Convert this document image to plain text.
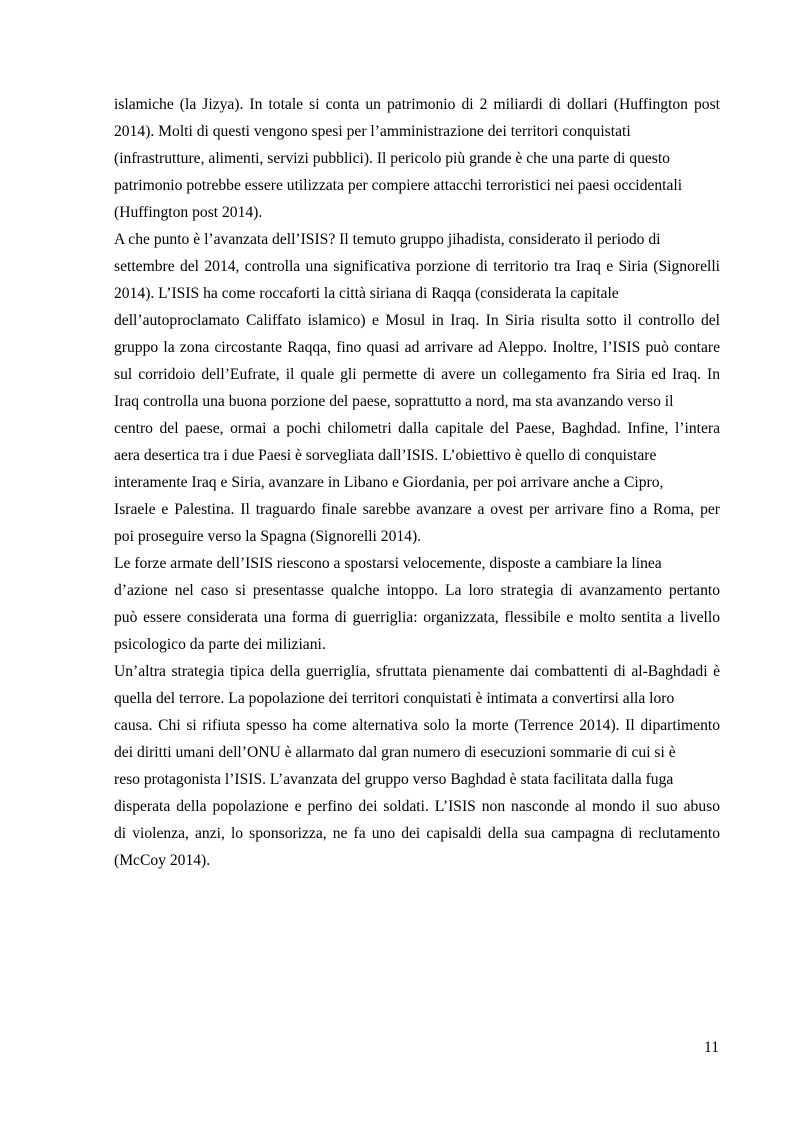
islamiche (la Jizya). In totale si conta un patrimonio di 2 miliardi di dollari (Huffington post
2014). Molti di questi vengono spesi per l’amministrazione dei territori conquistati
(infrastrutture, alimenti, servizi pubblici). Il pericolo più grande è che una parte di questo
patrimonio potrebbe essere utilizzata per compiere attacchi terroristici nei paesi occidentali
(Huffington post 2014).
A che punto è l’avanzata dell’ISIS? Il temuto gruppo jihadista, considerato il periodo di
settembre del 2014, controlla una significativa porzione di territorio tra Iraq e Siria (Signorelli
2014). L’ISIS ha come roccaforti la città siriana di Raqqa (considerata la capitale
dell’autoproclamato Califfato islamico) e Mosul in Iraq. In Siria risulta sotto il controllo del
gruppo la zona circostante Raqqa, fino quasi ad arrivare ad Aleppo. Inoltre, l’ISIS può contare
sul corridoio dell’Eufrate, il quale gli permette di avere un collegamento fra Siria ed Iraq. In
Iraq controlla una buona porzione del paese, soprattutto a nord, ma sta avanzando verso il
centro del paese, ormai a pochi chilometri dalla capitale del Paese, Baghdad. Infine, l’intera
aera desertica tra i due Paesi è sorvegliata dall’ISIS. L’obiettivo è quello di conquistare
interamente Iraq e Siria, avanzare in Libano e Giordania, per poi arrivare anche a Cipro,
Israele e Palestina. Il traguardo finale sarebbe avanzare a ovest per arrivare fino a Roma, per
poi proseguire verso la Spagna (Signorelli 2014).
Le forze armate dell’ISIS riescono a spostarsi velocemente, disposte a cambiare la linea
d’azione nel caso si presentasse qualche intoppo. La loro strategia di avanzamento pertanto
può essere considerata una forma di guerriglia: organizzata, flessibile e molto sentita a livello
psicologico da parte dei miliziani.
Un’altra strategia tipica della guerriglia, sfruttata pienamente dai combattenti di al-Baghdadi è
quella del terrore. La popolazione dei territori conquistati è intimata a convertirsi alla loro
causa. Chi si rifiuta spesso ha come alternativa solo la morte (Terrence 2014). Il dipartimento
dei diritti umani dell’ONU è allarmato dal gran numero di esecuzioni sommarie di cui si è
reso protagonista l’ISIS. L’avanzata del gruppo verso Baghdad è stata facilitata dalla fuga
disperata della popolazione e perfino dei soldati. L’ISIS non nasconde al mondo il suo abuso
di violenza, anzi, lo sponsorizza, ne fa uno dei capisaldi della sua campagna di reclutamento
(McCoy 2014).
11
